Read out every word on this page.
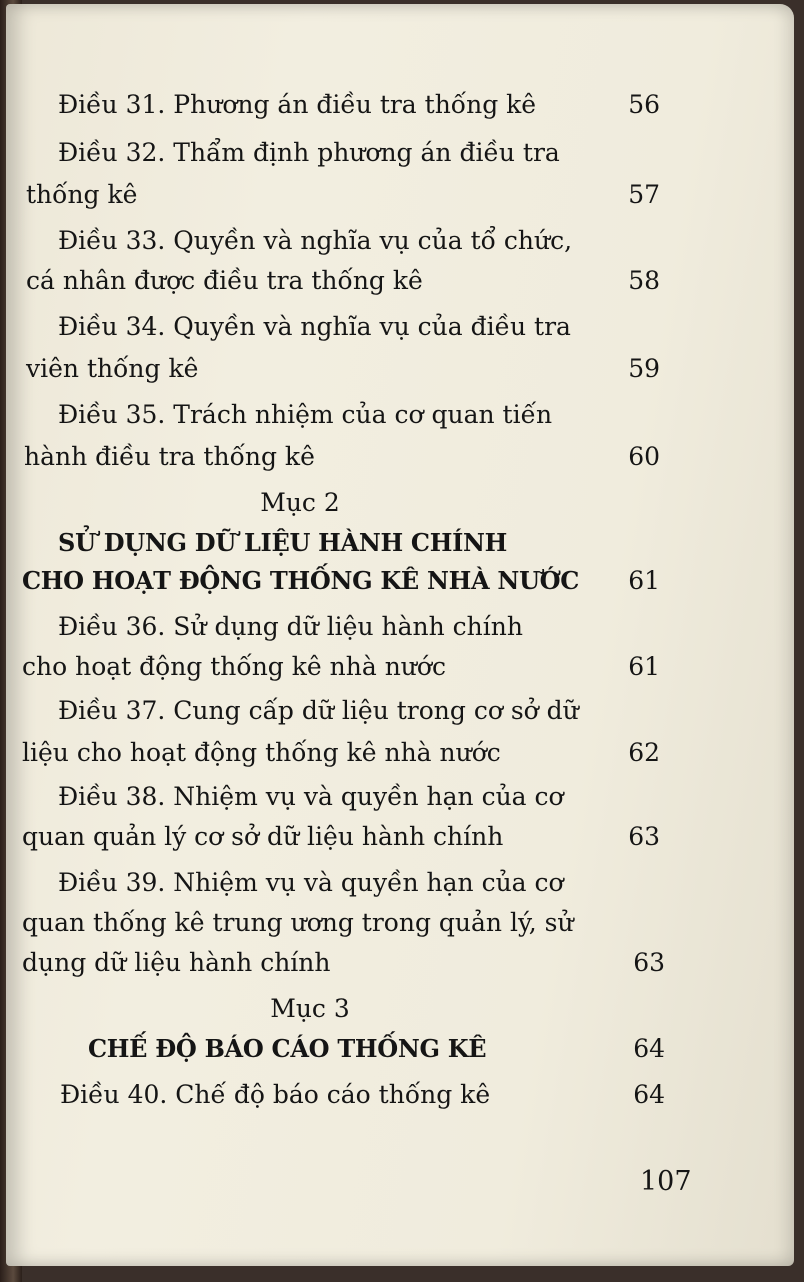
Điều 31. Phương án điều tra thống kê	56
Điều 32. Thẩm định phương án điều tra
thống kê	57
Điều 33. Quyền và nghĩa vụ của tổ chức,
cá nhân được điều tra thống kê	58
Điều 34. Quyền và nghĩa vụ của điều tra
viên thống kê	59
Điều 35. Trách nhiệm của cơ quan tiến
hành điều tra thống kê	60
Mục 2
SỬ DỤNG DỮ LIỆU HÀNH CHÍNH
CHO HOẠT ĐỘNG THỐNG KÊ NHÀ NƯỚC	61
Điều 36. Sử dụng dữ liệu hành chính
cho hoạt động thống kê nhà nước	61
Điều 37. Cung cấp dữ liệu trong cơ sở dữ
liệu cho hoạt động thống kê nhà nước	62
Điều 38. Nhiệm vụ và quyền hạn của cơ
quan quản lý cơ sở dữ liệu hành chính	63
Điều 39. Nhiệm vụ và quyền hạn của cơ
quan thống kê trung ương trong quản lý, sử
dụng dữ liệu hành chính	63
Mục 3
CHẾ ĐỘ BÁO CÁO THỐNG KÊ	64
Điều 40. Chế độ báo cáo thống kê	64
107
